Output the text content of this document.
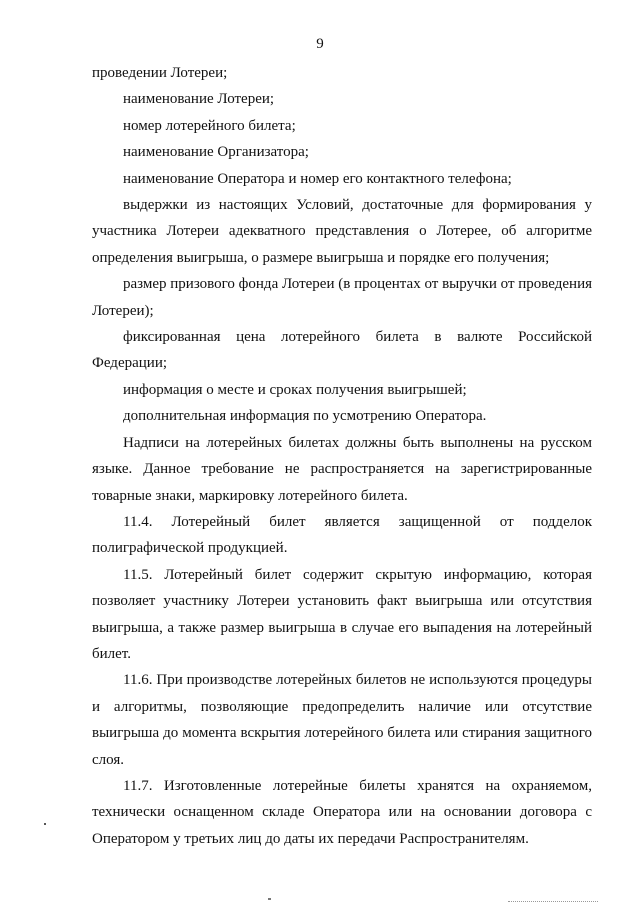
9

проведении Лотереи;

наименование Лотереи;

номер лотерейного билета;

наименование Организатора;

наименование Оператора и номер его контактного телефона;

выдержки из настоящих Условий, достаточные для формирования у участника Лотереи адекватного представления о Лотерее, об алгоритме определения выигрыша, о размере выигрыша и порядке его получения;

размер призового фонда Лотереи (в процентах от выручки от проведения Лотереи);

фиксированная цена лотерейного билета в валюте Российской Федерации;

информация о месте и сроках получения выигрышей;

дополнительная информация по усмотрению Оператора.

Надписи на лотерейных билетах должны быть выполнены на русском языке. Данное требование не распространяется на зарегистрированные товарные знаки, маркировку лотерейного билета.

11.4. Лотерейный билет является защищенной от подделок полиграфической продукцией.

11.5. Лотерейный билет содержит скрытую информацию, которая позволяет участнику Лотереи установить факт выигрыша или отсутствия выигрыша, а также размер выигрыша в случае его выпадения на лотерейный билет.

11.6. При производстве лотерейных билетов не используются процедуры и алгоритмы, позволяющие предопределить наличие или отсутствие выигрыша до момента вскрытия лотерейного билета или стирания защитного слоя.

11.7. Изготовленные лотерейные билеты хранятся на охраняемом, технически оснащенном складе Оператора или на основании договора с Оператором у третьих лиц до даты их передачи Распространителям.
